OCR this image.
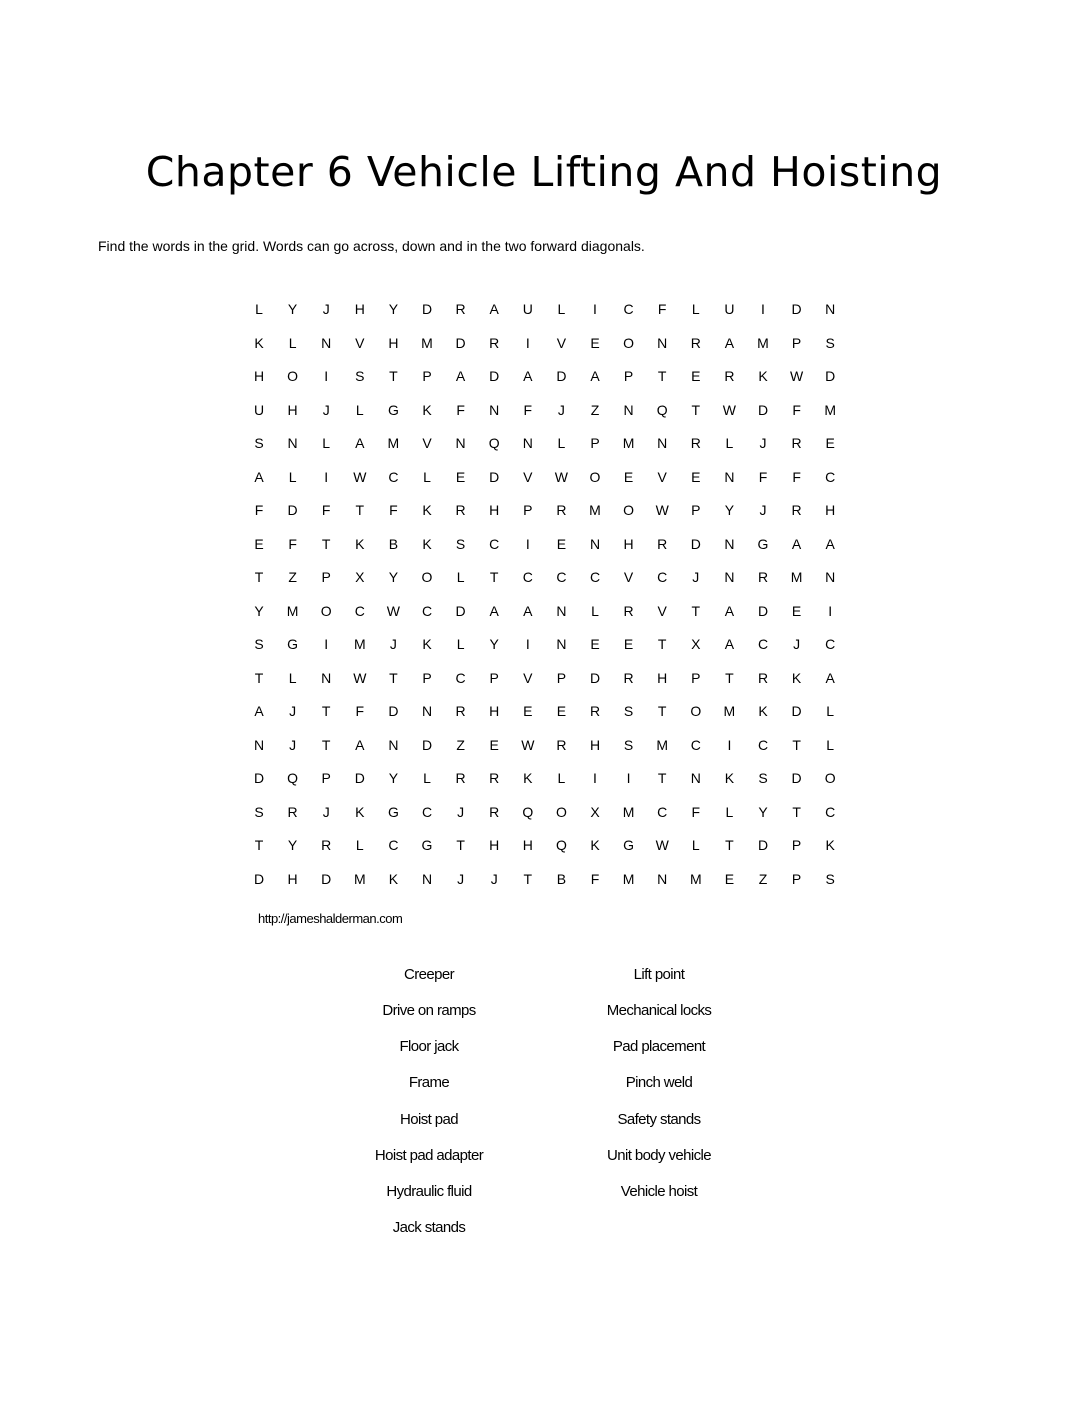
Chapter 6 Vehicle Lifting And Hoisting
Find the words in the grid. Words can go across, down and in the two forward diagonals.
L	Y	J	H	Y	D	R	A	U	L	I	C	F	L	U	I	D	N
K	L	N	V	H	M	D	R	I	V	E	O	N	R	A	M	P	S
H	O	I	S	T	P	A	D	A	D	A	P	T	E	R	K	W	D
U	H	J	L	G	K	F	N	F	J	Z	N	Q	T	W	D	F	M
S	N	L	A	M	V	N	Q	N	L	P	M	N	R	L	J	R	E
A	L	I	W	C	L	E	D	V	W	O	E	V	E	N	F	F	C
F	D	F	T	F	K	R	H	P	R	M	O	W	P	Y	J	R	H
E	F	T	K	B	K	S	C	I	E	N	H	R	D	N	G	A	A
T	Z	P	X	Y	O	L	T	C	C	C	V	C	J	N	R	M	N
Y	M	O	C	W	C	D	A	A	N	L	R	V	T	A	D	E	I
S	G	I	M	J	K	L	Y	I	N	E	E	T	X	A	C	J	C
T	L	N	W	T	P	C	P	V	P	D	R	H	P	T	R	K	A
A	J	T	F	D	N	R	H	E	E	R	S	T	O	M	K	D	L
N	J	T	A	N	D	Z	E	W	R	H	S	M	C	I	C	T	L
D	Q	P	D	Y	L	R	R	K	L	I	I	T	N	K	S	D	O
S	R	J	K	G	C	J	R	Q	O	X	M	C	F	L	Y	T	C
T	Y	R	L	C	G	T	H	H	Q	K	G	W	L	T	D	P	K
D	H	D	M	K	N	J	J	T	B	F	M	N	M	E	Z	P	S
http://jameshalderman.com
Creeper
Drive on ramps
Floor jack
Frame
Hoist pad
Hoist pad adapter
Hydraulic fluid
Jack stands
Lift point
Mechanical locks
Pad placement
Pinch weld
Safety stands
Unit body vehicle
Vehicle hoist
